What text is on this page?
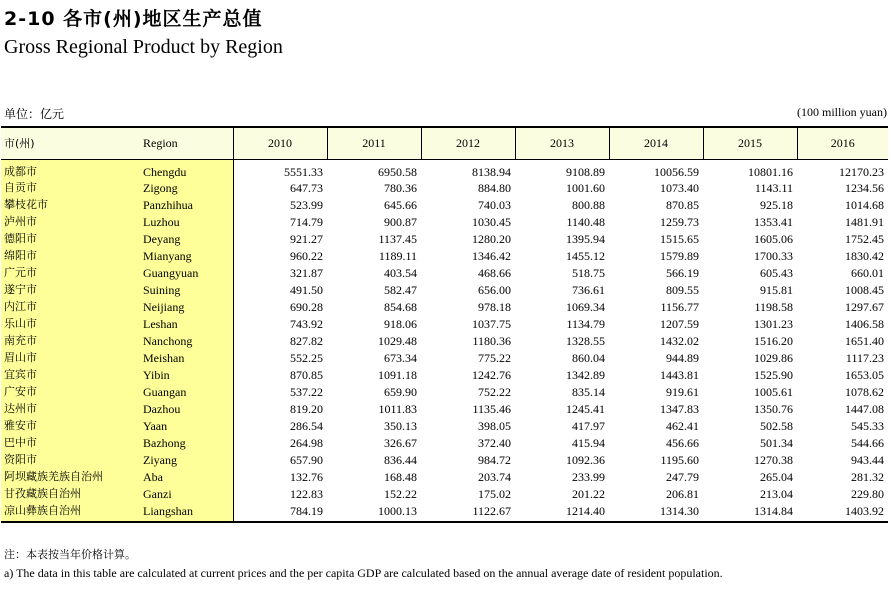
2-10 各市(州)地区生产总值
Gross Regional Product by Region
单位：亿元	(100 million yuan)
市(州)	Region	2010	2011	2012	2013	2014	2015	2016
成都市	Chengdu	5551.33	6950.58	8138.94	9108.89	10056.59	10801.16	12170.23
自贡市	Zigong	647.73	780.36	884.80	1001.60	1073.40	1143.11	1234.56
攀枝花市	Panzhihua	523.99	645.66	740.03	800.88	870.85	925.18	1014.68
泸州市	Luzhou	714.79	900.87	1030.45	1140.48	1259.73	1353.41	1481.91
德阳市	Deyang	921.27	1137.45	1280.20	1395.94	1515.65	1605.06	1752.45
绵阳市	Mianyang	960.22	1189.11	1346.42	1455.12	1579.89	1700.33	1830.42
广元市	Guangyuan	321.87	403.54	468.66	518.75	566.19	605.43	660.01
遂宁市	Suining	491.50	582.47	656.00	736.61	809.55	915.81	1008.45
内江市	Neijiang	690.28	854.68	978.18	1069.34	1156.77	1198.58	1297.67
乐山市	Leshan	743.92	918.06	1037.75	1134.79	1207.59	1301.23	1406.58
南充市	Nanchong	827.82	1029.48	1180.36	1328.55	1432.02	1516.20	1651.40
眉山市	Meishan	552.25	673.34	775.22	860.04	944.89	1029.86	1117.23
宜宾市	Yibin	870.85	1091.18	1242.76	1342.89	1443.81	1525.90	1653.05
广安市	Guangan	537.22	659.90	752.22	835.14	919.61	1005.61	1078.62
达州市	Dazhou	819.20	1011.83	1135.46	1245.41	1347.83	1350.76	1447.08
雅安市	Yaan	286.54	350.13	398.05	417.97	462.41	502.58	545.33
巴中市	Bazhong	264.98	326.67	372.40	415.94	456.66	501.34	544.66
资阳市	Ziyang	657.90	836.44	984.72	1092.36	1195.60	1270.38	943.44
阿坝藏族羌族自治州	Aba	132.76	168.48	203.74	233.99	247.79	265.04	281.32
甘孜藏族自治州	Ganzi	122.83	152.22	175.02	201.22	206.81	213.04	229.80
凉山彝族自治州	Liangshan	784.19	1000.13	1122.67	1214.40	1314.30	1314.84	1403.92
注：本表按当年价格计算。
a) The data in this table are calculated at current prices and the per capita GDP are calculated based on the annual average date of resident population.
